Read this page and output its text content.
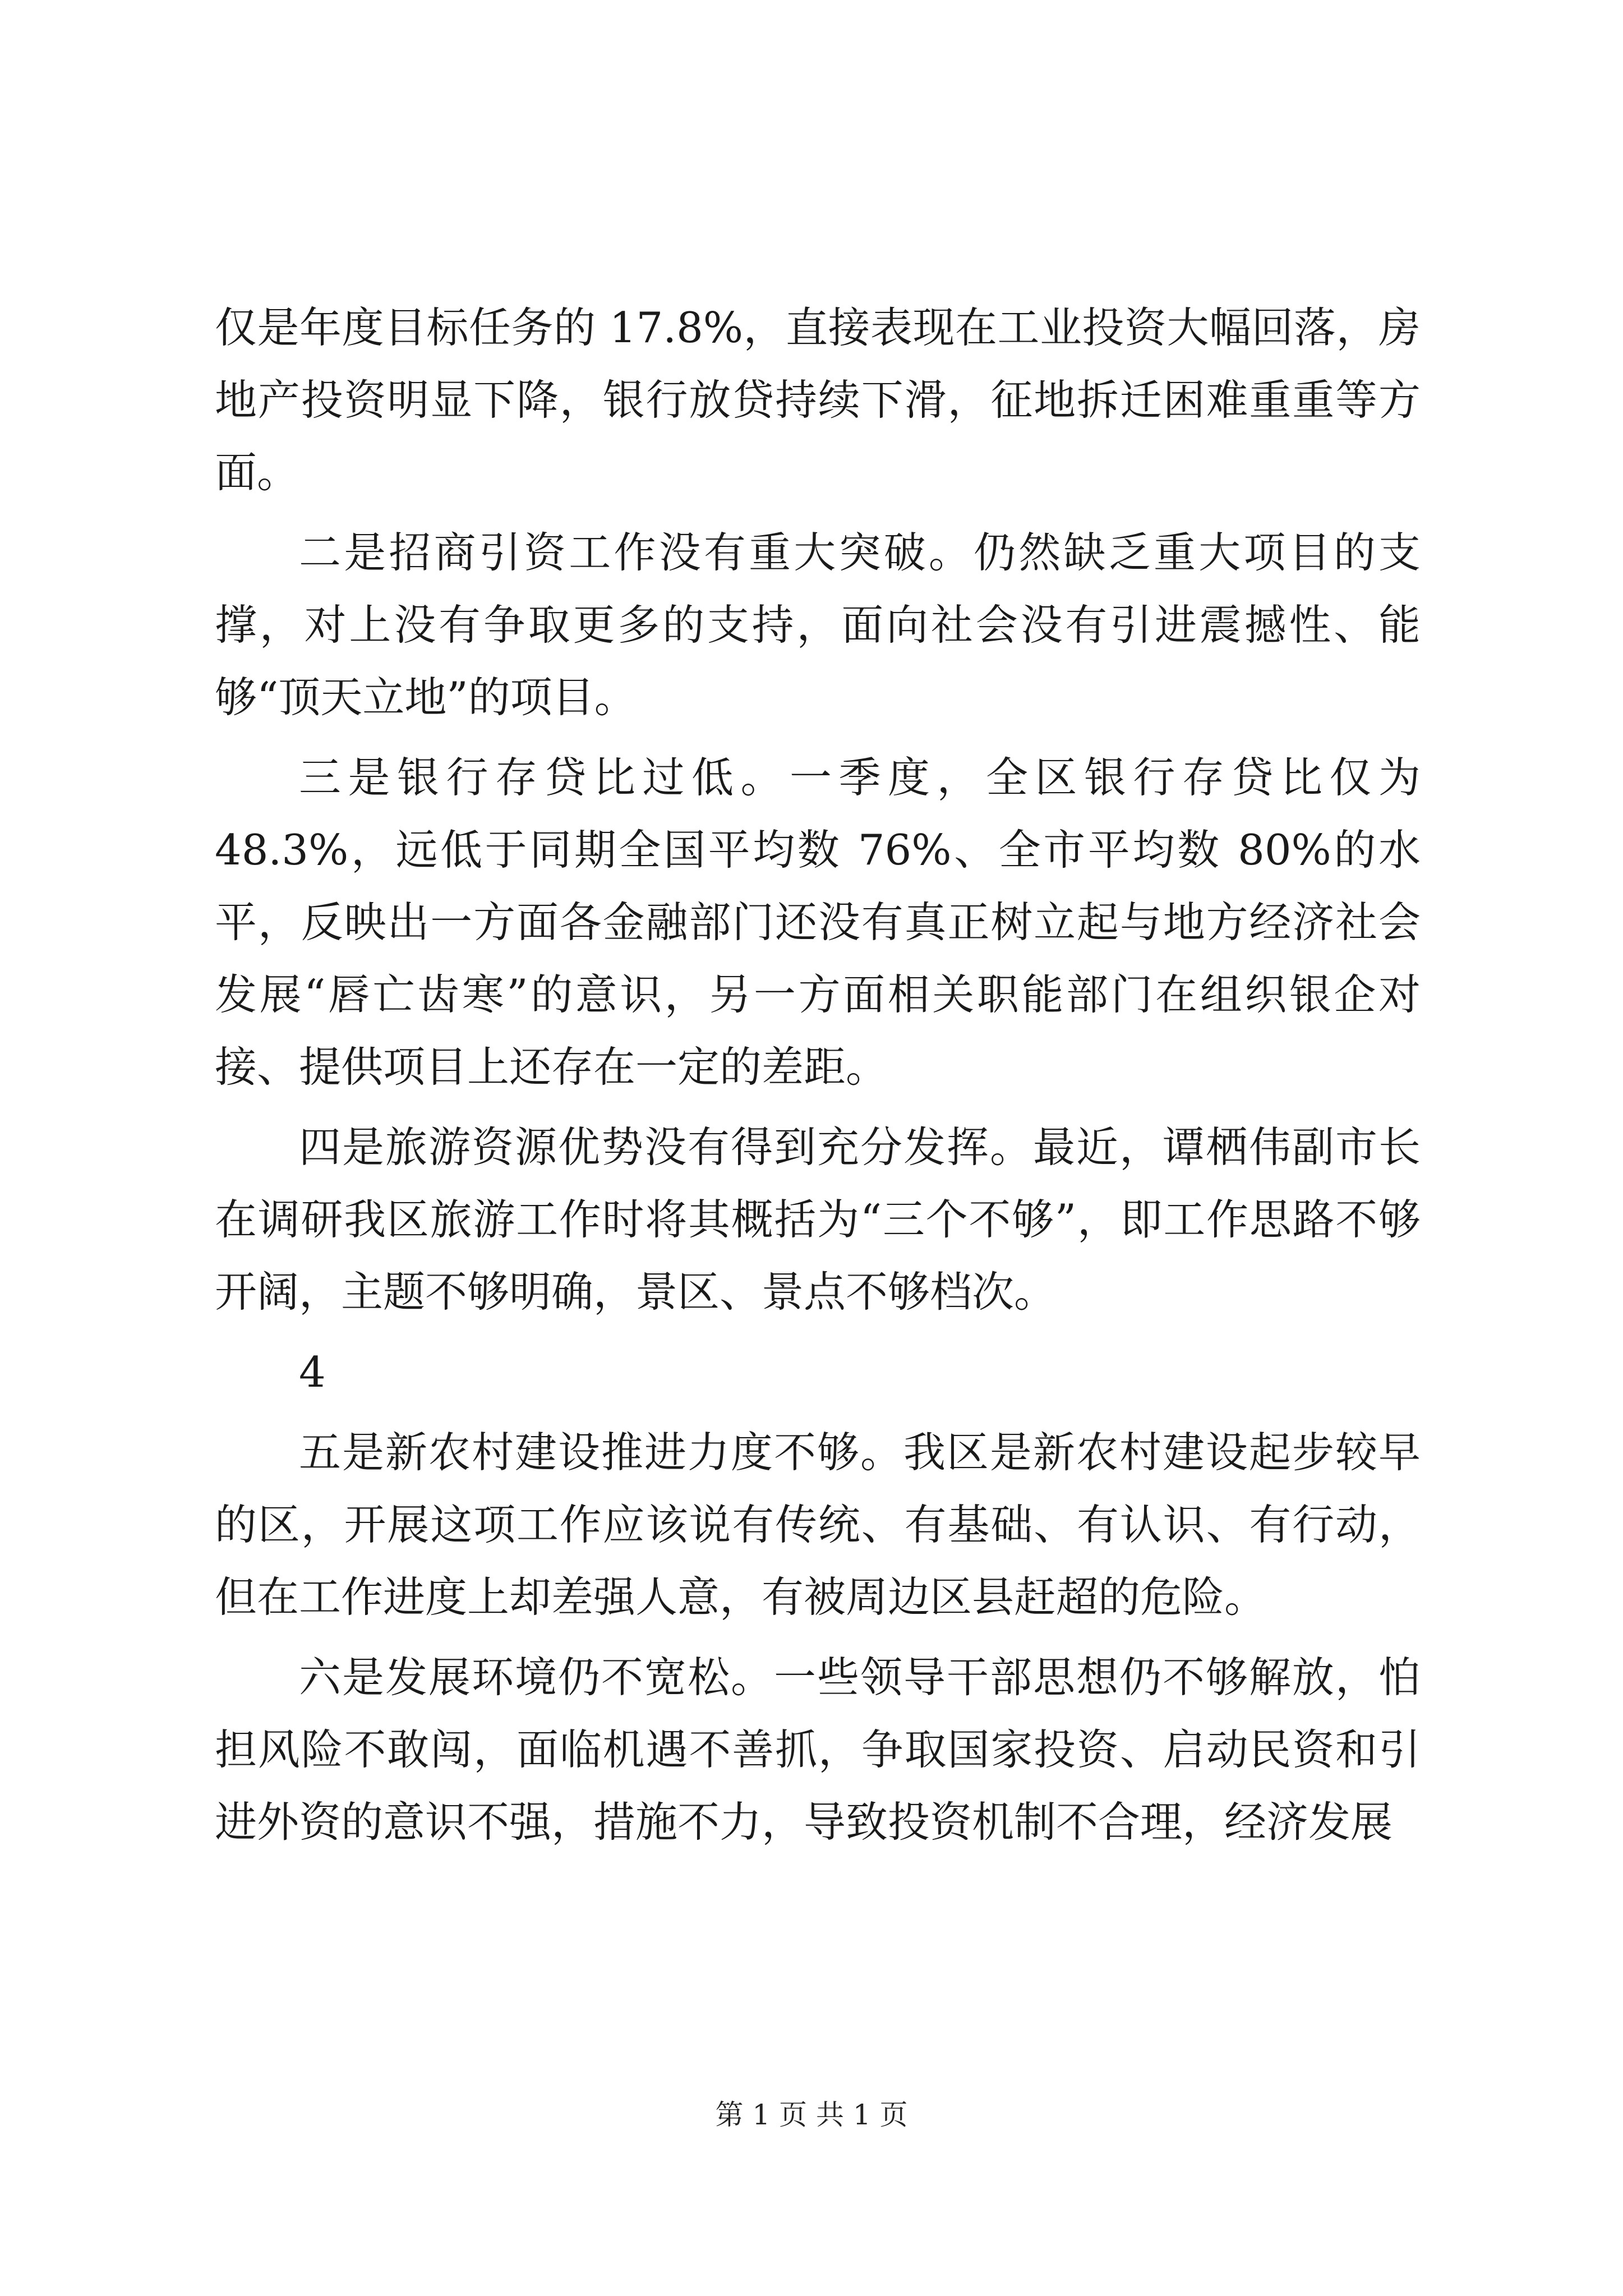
仅是年度目标任务的 17.8%，直接表现在工业投资大幅回落，房地产投资明显下降，银行放贷持续下滑，征地拆迁困难重重等方面。

二是招商引资工作没有重大突破。仍然缺乏重大项目的支撑，对上没有争取更多的支持，面向社会没有引进震撼性、能够“顶天立地”的项目。

三是银行存贷比过低。一季度，全区银行存贷比仅为 48.3%，远低于同期全国平均数 76%、全市平均数 80%的水平，反映出一方面各金融部门还没有真正树立起与地方经济社会发展“唇亡齿寒”的意识，另一方面相关职能部门在组织银企对接、提供项目上还存在一定的差距。

四是旅游资源优势没有得到充分发挥。最近，谭栖伟副市长在调研我区旅游工作时将其概括为“三个不够”，即工作思路不够开阔，主题不够明确，景区、景点不够档次。

4

五是新农村建设推进力度不够。我区是新农村建设起步较早的区，开展这项工作应该说有传统、有基础、有认识、有行动，但在工作进度上却差强人意，有被周边区县赶超的危险。

六是发展环境仍不宽松。一些领导干部思想仍不够解放，怕担风险不敢闯，面临机遇不善抓，争取国家投资、启动民资和引进外资的意识不强，措施不力，导致投资机制不合理，经济发展

第 1 页 共 1 页
